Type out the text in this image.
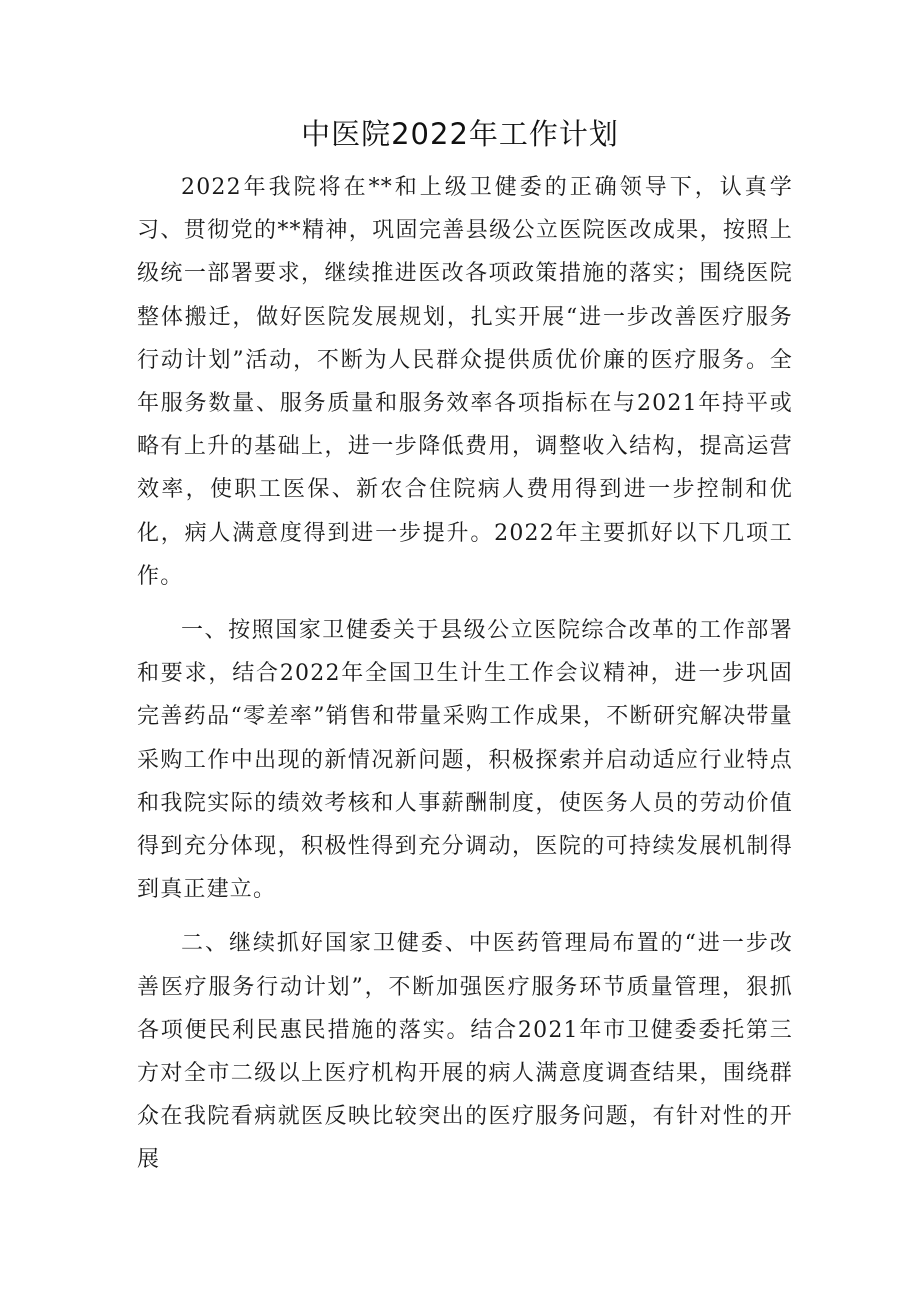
中医院2022年工作计划

2022年我院将在**和上级卫健委的正确领导下，认真学习、贯彻党的**精神，巩固完善县级公立医院医改成果，按照上级统一部署要求，继续推进医改各项政策措施的落实；围绕医院整体搬迁，做好医院发展规划，扎实开展“进一步改善医疗服务行动计划”活动，不断为人民群众提供质优价廉的医疗服务。全年服务数量、服务质量和服务效率各项指标在与2021年持平或略有上升的基础上，进一步降低费用，调整收入结构，提高运营效率，使职工医保、新农合住院病人费用得到进一步控制和优化，病人满意度得到进一步提升。2022年主要抓好以下几项工作。

一、按照国家卫健委关于县级公立医院综合改革的工作部署和要求，结合2022年全国卫生计生工作会议精神，进一步巩固完善药品“零差率”销售和带量采购工作成果，不断研究解决带量采购工作中出现的新情况新问题，积极探索并启动适应行业特点和我院实际的绩效考核和人事薪酬制度，使医务人员的劳动价值得到充分体现，积极性得到充分调动，医院的可持续发展机制得到真正建立。

二、继续抓好国家卫健委、中医药管理局布置的“进一步改善医疗服务行动计划”，不断加强医疗服务环节质量管理，狠抓各项便民利民惠民措施的落实。结合2021年市卫健委委托第三方对全市二级以上医疗机构开展的病人满意度调查结果，围绕群众在我院看病就医反映比较突出的医疗服务问题，有针对性的开展
